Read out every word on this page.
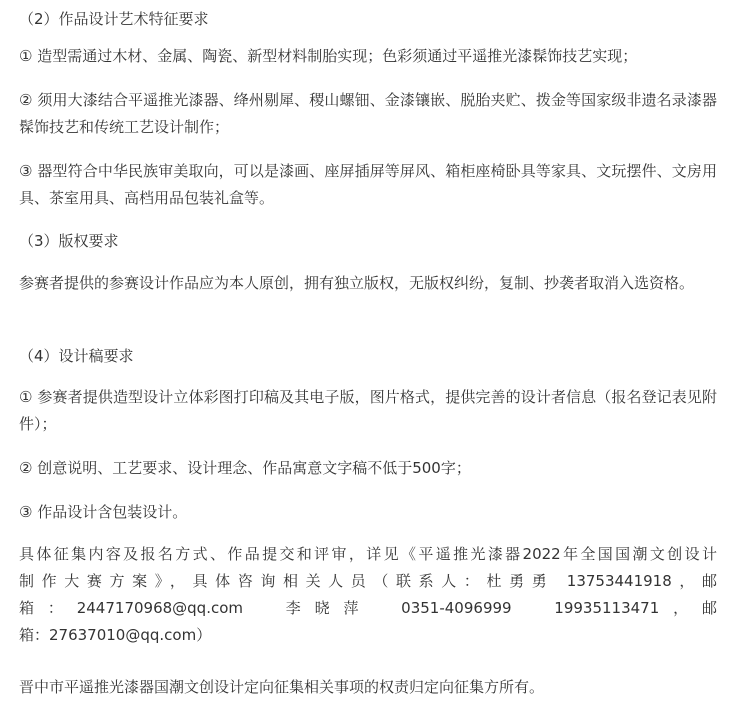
（2）作品设计艺术特征要求
① 造型需通过木材、金属、陶瓷、新型材料制胎实现；色彩须通过平遥推光漆髹饰技艺实现；
② 须用大漆结合平遥推光漆器、绛州剔犀、稷山螺钿、金漆镶嵌、脱胎夹贮、拨金等国家级非遗名录漆器髹饰技艺和传统工艺设计制作；
③ 器型符合中华民族审美取向，可以是漆画、座屏插屏等屏风、箱柜座椅卧具等家具、文玩摆件、文房用具、茶室用具、高档用品包装礼盒等。
（3）版权要求
参赛者提供的参赛设计作品应为本人原创，拥有独立版权，无版权纠纷，复制、抄袭者取消入选资格。
（4）设计稿要求
① 参赛者提供造型设计立体彩图打印稿及其电子版，图片格式，提供完善的设计者信息（报名登记表见附件）；
② 创意说明、工艺要求、设计理念、作品寓意文字稿不低于500字；
③ 作品设计含包装设计。
具体征集内容及报名方式、作品提交和评审，详见《平遥推光漆器2022年全国国潮文创设计
制作大赛方案》，具体咨询相关人员（联系人：杜勇勇 13753441918，邮
箱：2447170968@qq.com　李晓萍　0351-4096999　19935113471，邮
箱：27637010@qq.com）
晋中市平遥推光漆器国潮文创设计定向征集相关事项的权责归定向征集方所有。
